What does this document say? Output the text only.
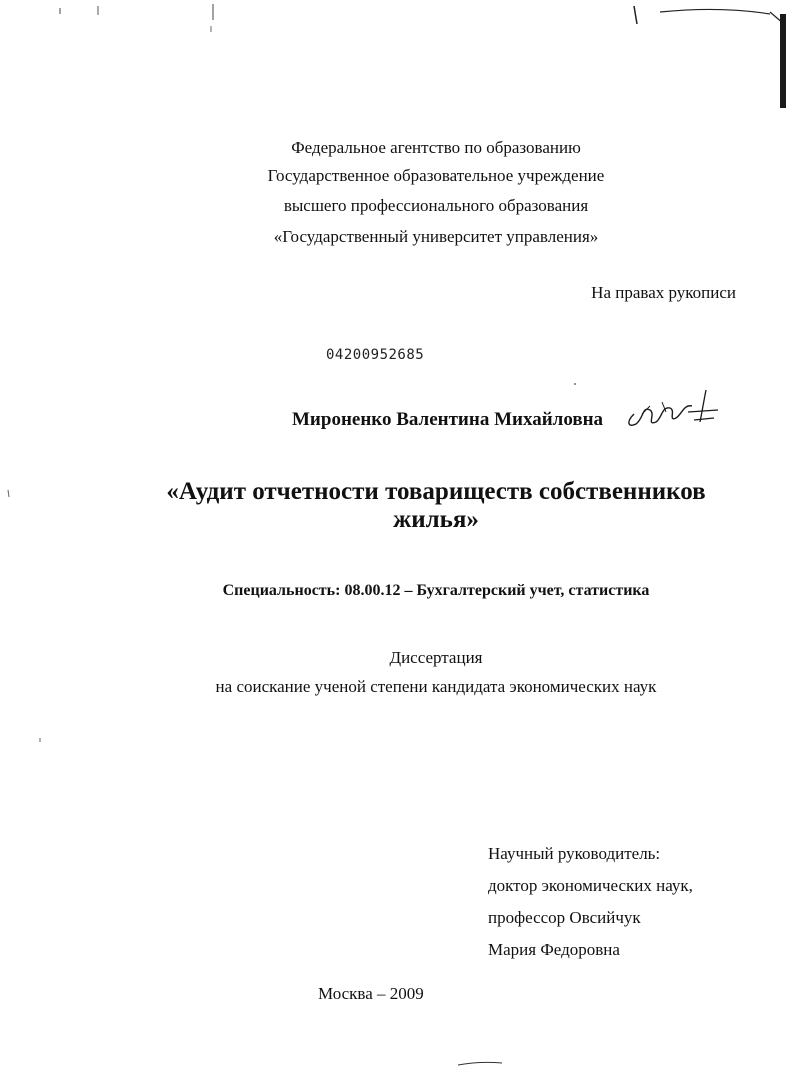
Федеральное агентство по образованию
Государственное образовательное учреждение
высшего профессионального образования
«Государственный университет управления»
На правах рукописи
04200952685
Мироненко Валентина Михайловна
«Аудит отчетности товариществ собственников
жилья»
Специальность: 08.00.12 – Бухгалтерский учет, статистика
Диссертация
на соискание ученой степени кандидата экономических наук
Научный руководитель:
доктор экономических наук,
профессор Овсийчук
Мария Федоровна
Москва – 2009
